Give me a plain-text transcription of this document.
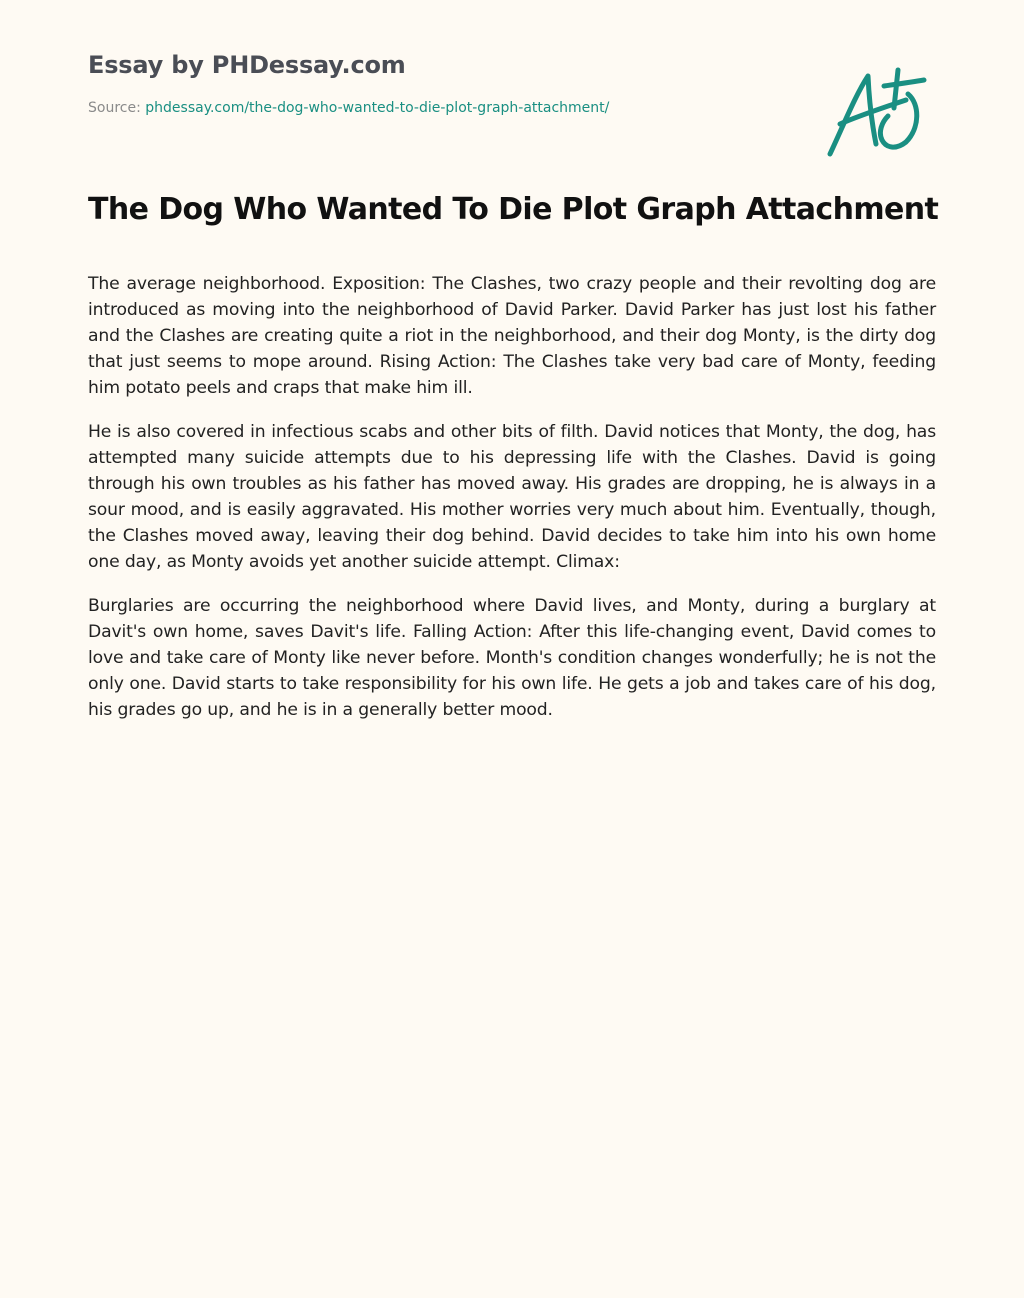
Essay by PHDessay.com
Source: phdessay.com/the-dog-who-wanted-to-die-plot-graph-attachment/
The Dog Who Wanted To Die Plot Graph Attachment

The average neighborhood. Exposition: The Clashes, two crazy people and their revolting dog are introduced as moving into the neighborhood of David Parker. David Parker has just lost his father and the Clashes are creating quite a riot in the neighborhood, and their dog Monty, is the dirty dog that just seems to mope around. Rising Action: The Clashes take very bad care of Monty, feeding him potato peels and craps that make him ill.

He is also covered in infectious scabs and other bits of filth. David notices that Monty, the dog, has attempted many suicide attempts due to his depressing life with the Clashes. David is going through his own troubles as his father has moved away. His grades are dropping, he is always in a sour mood, and is easily aggravated. His mother worries very much about him. Eventually, though, the Clashes moved away, leaving their dog behind. David decides to take him into his own home one day, as Monty avoids yet another suicide attempt. Climax:

Burglaries are occurring the neighborhood where David lives, and Monty, during a burglary at Davit's own home, saves Davit's life. Falling Action: After this life-changing event, David comes to love and take care of Monty like never before. Month's condition changes wonderfully; he is not the only one. David starts to take responsibility for his own life. He gets a job and takes care of his dog, his grades go up, and he is in a generally better mood.
